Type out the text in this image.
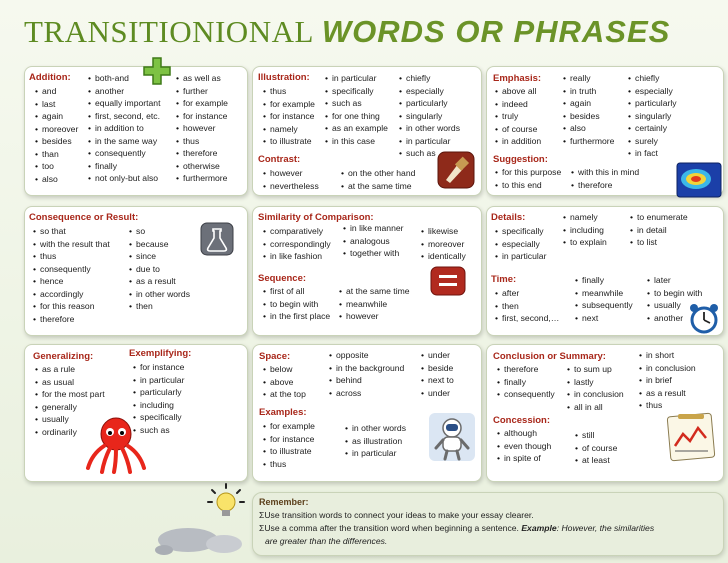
TRANSITIONIONAL WORDS OR PHRASES
Addition:
• and
• last
• again
• moreover
• besides
• than
• too
• also
• both-and
• another
• equally important
• first, second, etc.
• in addition to
• in the same way
• consequently
• finally
• not only-but also
• as well as
• further
• for example
• for instance
• however
• thus
• therefore
• otherwise
• furthermore
Illustration:
• thus
• for example
• for instance
• namely
• to illustrate
• in particular
• specifically
• such as
• for one thing
• as an example
• in this case
• chiefly
• especially
• particularly
• singularly
• in other words
• in particular
• such as
Contrast:
• however
• nevertheless
• on the other hand
• at the same time
Emphasis:
• above all
• indeed
• truly
• of course
• in addition
• really
• in truth
• again
• besides
• also
• furthermore
• chiefly
• especially
• particularly
• singularly
• certainly
• surely
• in fact
Suggestion:
• for this purpose
• to this end
• with this in mind
• therefore
Consequence or Result:
• so that
• with the result that
• thus
• consequently
• hence
• accordingly
• for this reason
• therefore
• so
• because
• since
• due to
• as a result
• in other words
• then
Similarity of Comparison:
• comparatively
• correspondingly
• in like fashion
• in like manner
• analogous
• together with
• likewise
• moreover
• identically
Sequence:
• first of all
• to begin with
• in the first place
• at the same time
• meanwhile
• however
Details:
• specifically
• especially
• in particular
• namely
• including
• to explain
• to enumerate
• in detail
• to list
Time:
• after
• then
• first, second,…
• finally
• meanwhile
• subsequently
• next
• later
• to begin with
• usually
• another
Generalizing:
• as a rule
• as usual
• for the most part
• generally
• usually
• ordinarily
Exemplifying:
• for instance
• in particular
• particularly
• including
• specifically
• such as
Space:
• below
• above
• at the top
• opposite
• in the background
• behind
• across
• under
• beside
• next to
• under
Examples:
• for example
• for instance
• to illustrate
• thus
• in other words
• as illustration
• in particular
Conclusion or Summary:
• therefore
• finally
• consequently
• to sum up
• lastly
• in conclusion
• all in all
• in short
• in conclusion
• in brief
• as a result
• thus
Concession:
• although
• even though
• in spite of
• still
• of course
• at least
Remember:
ΣUse transition words to connect your ideas to make your essay clearer.
ΣUse a comma after the transition word when beginning a sentence. Example: However, the similarities
are greater than the differences.
